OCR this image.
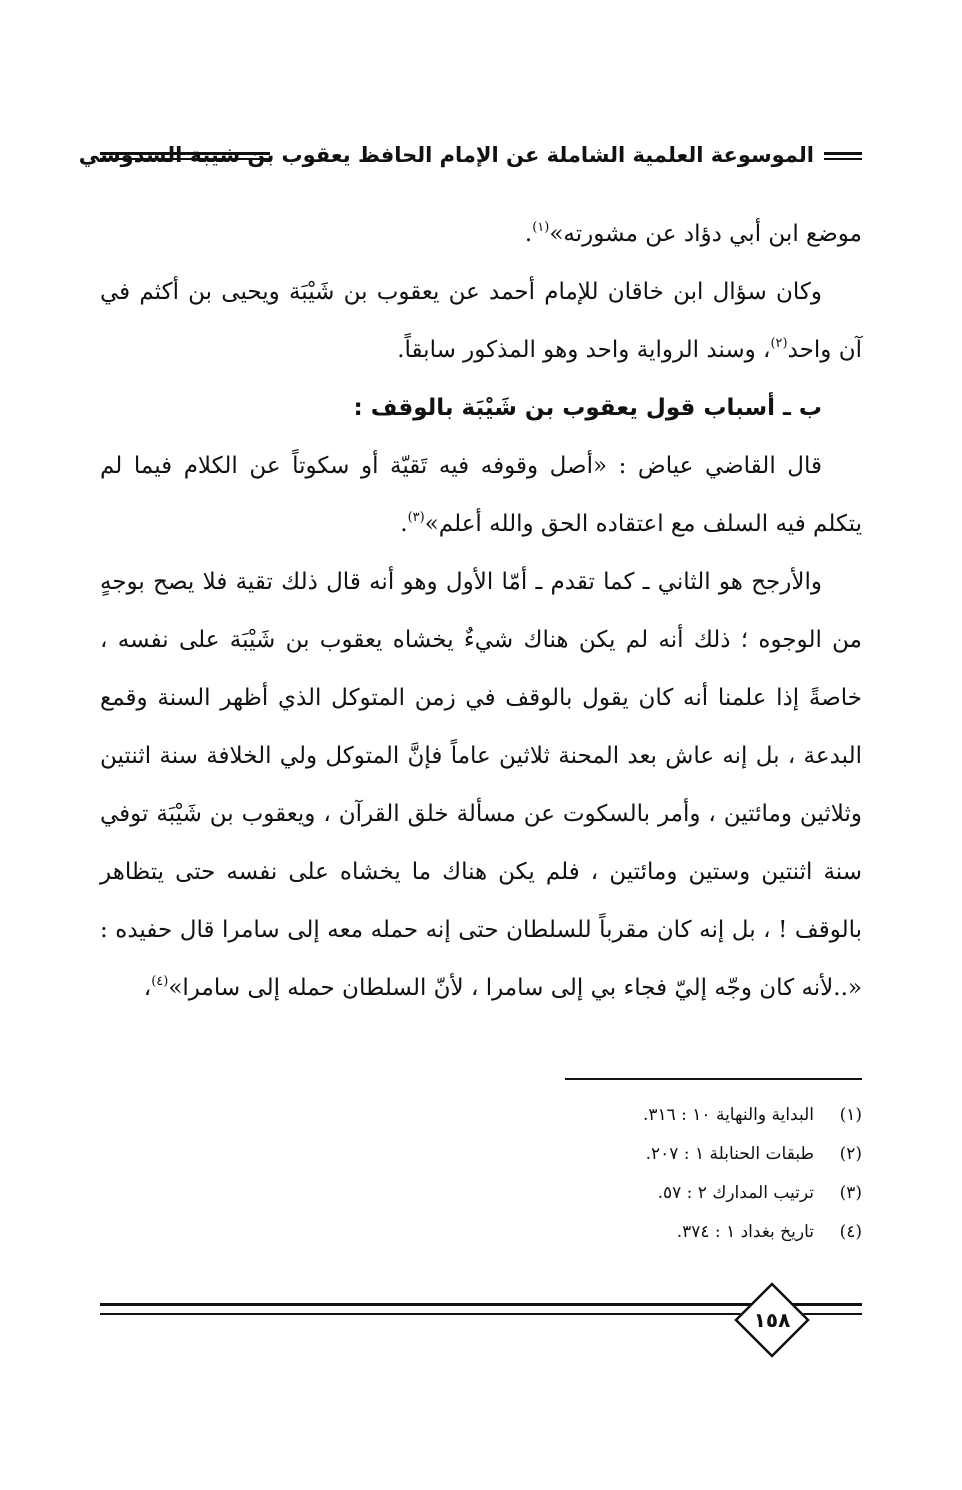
الموسوعة العلمية الشاملة عن الإمام الحافظ يعقوب بن شيبة السدوسي

موضع ابن أبي دؤاد عن مشورته»$^{(١)}$.

وكان سؤال ابن خاقان للإمام أحمد عن يعقوب بن شَيْبَة ويحيى بن أكثم في آن واحد$^{(٢)}$، وسند الرواية واحد وهو المذكور سابقاً.

ب ـ أسباب قول يعقوب بن شَيْبَة بالوقف :

قال القاضي عياض : «أصل وقوفه فيه تَقيّة أو سكوتاً عن الكلام فيما لم يتكلم فيه السلف مع اعتقاده الحق والله أعلم»$^{(٣)}$.

والأرجح هو الثاني ـ كما تقدم ـ أمّا الأول وهو أنه قال ذلك تقية فلا يصح بوجهٍ من الوجوه ؛ ذلك أنه لم يكن هناك شيءٌ يخشاه يعقوب بن شَيْبَة على نفسه ، خاصةً إذا علمنا أنه كان يقول بالوقف في زمن المتوكل الذي أظهر السنة وقمع البدعة ، بل إنه عاش بعد المحنة ثلاثين عاماً فإنَّ المتوكل ولي الخلافة سنة اثنتين وثلاثين ومائتين ، وأمر بالسكوت عن مسألة خلق القرآن ، ويعقوب بن شَيْبَة توفي سنة اثنتين وستين ومائتين ، فلم يكن هناك ما يخشاه على نفسه حتى يتظاهر بالوقف ! ، بل إنه كان مقرباً للسلطان حتى إنه حمله معه إلى سامرا قال حفيده : «..لأنه كان وجّه إليّ فجاء بي إلى سامرا ، لأنّ السلطان حمله إلى سامرا»$^{(٤)}$،

(١)البداية والنهاية ١٠ : ٣١٦.
(٢)طبقات الحنابلة ١ : ٢٠٧.
(٣)ترتيب المدارك ٢ : ٥٧.
(٤)تاريخ بغداد ١ : ٣٧٤.
١٥٨
